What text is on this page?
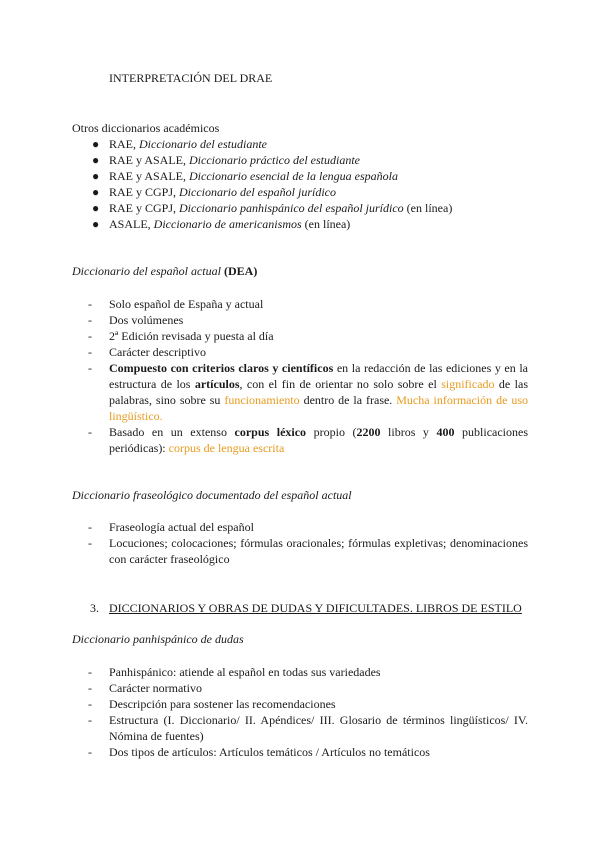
INTERPRETACIÓN DEL DRAE
Otros diccionarios académicos
● RAE, Diccionario del estudiante
● RAE y ASALE, Diccionario práctico del estudiante
● RAE y ASALE, Diccionario esencial de la lengua española
● RAE y CGPJ, Diccionario del español jurídico
● RAE y CGPJ, Diccionario panhispánico del español jurídico (en línea)
● ASALE, Diccionario de americanismos (en línea)
Diccionario del español actual (DEA)
- Solo español de España y actual
- Dos volúmenes
- 2ª Edición revisada y puesta al día
- Carácter descriptivo
- Compuesto con criterios claros y científicos en la redacción de las ediciones y en la estructura de los artículos, con el fin de orientar no solo sobre el significado de las palabras, sino sobre su funcionamiento dentro de la frase. Mucha información de uso lingüístico.
- Basado en un extenso corpus léxico propio (2200 libros y 400 publicaciones periódicas): corpus de lengua escrita
Diccionario fraseológico documentado del español actual
- Fraseología actual del español
- Locuciones; colocaciones; fórmulas oracionales; fórmulas expletivas; denominaciones con carácter fraseológico
3. DICCIONARIOS Y OBRAS DE DUDAS Y DIFICULTADES. LIBROS DE ESTILO
Diccionario panhispánico de dudas
- Panhispánico: atiende al español en todas sus variedades
- Carácter normativo
- Descripción para sostener las recomendaciones
- Estructura (I. Diccionario/ II. Apéndices/ III. Glosario de términos lingüísticos/ IV. Nómina de fuentes)
- Dos tipos de artículos: Artículos temáticos / Artículos no temáticos
